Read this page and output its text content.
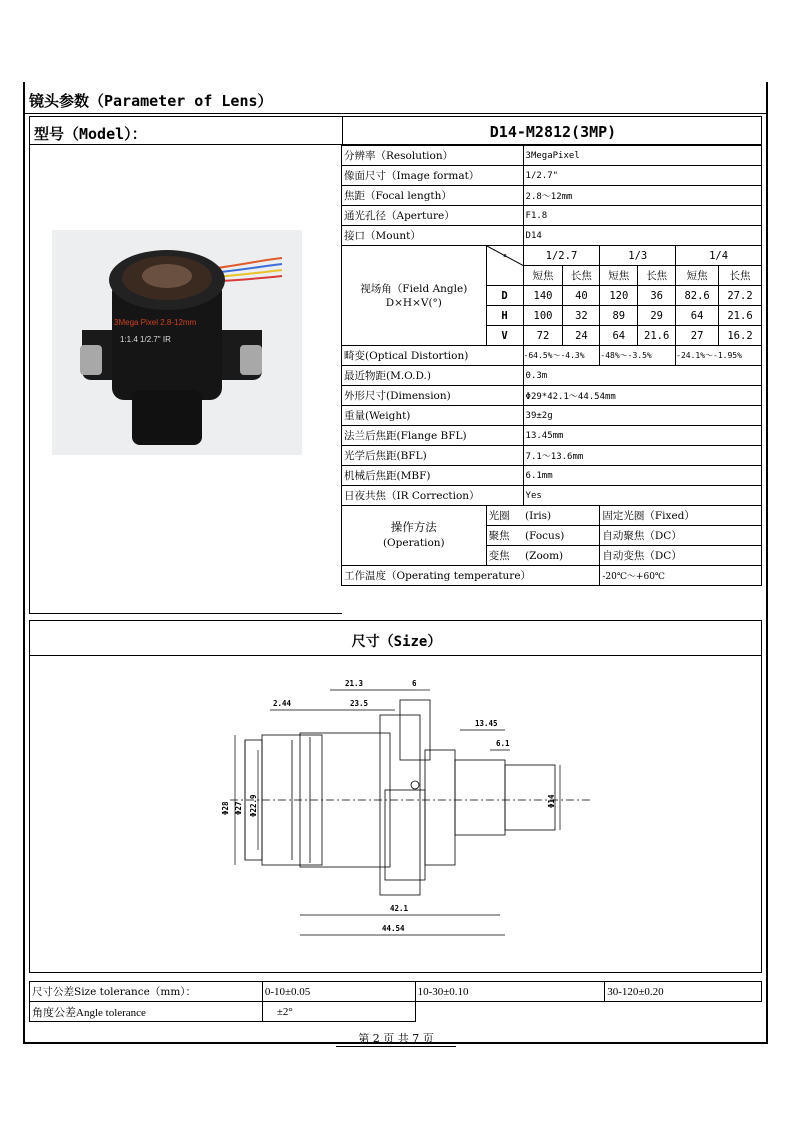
镜头参数（Parameter of Lens）
型号（Model）：	D14-M2812(3MP)
3Mega Pixel 2.8-12mm
1:1.4 1/2.7" IR
分辨率（Resolution）		3MegaPixel					
像面尺寸（Image format）		1/2.7"					
焦距（Focal length）		2.8～12mm					
通光孔径（Aperture）		F1.8					
接口（Mount）		D14					
视场角（Field Angle)
D×H×V(°)	°	1/2.7		1/3		1/4	
		短焦	长焦	短焦	长焦	短焦	长焦
	D	140	40	120	36	82.6	27.2
	H	100	32	89	29	64	21.6
	V	72	24	64	21.6	27	16.2
畸变(Optical Distortion)		-64.5%～-4.3%		-48%～-3.5%		-24.1%～-1.95%	
最近物距(M.O.D.)		0.3m					
外形尺寸(Dimension)		Φ29*42.1～44.54mm					
重量(Weight)		39±2g					
法兰后焦距(Flange BFL)		13.45mm					
光学后焦距(BFL)		7.1～13.6mm					
机械后焦距(MBF)		6.1mm					
日夜共焦（IR Correction）		Yes					
操作方法
(Operation)	光圈	(Iris)		固定光圈（Fixed）			
	聚焦	(Focus)		自动聚焦（DC）			
	变焦	(Zoom)		自动变焦（DC）			
工作温度（Operating temperature）				-20℃～+60℃			
尺寸（Size）
21.3	6
2.44	23.5
13.45
6.1
42.1
44.54
Φ28 Φ27 Φ22.9	Φ14
尺寸公差Size tolerance（mm）：	0-10±0.05	10-30±0.10	30-120±0.20
角度公差Angle tolerance	±2°		
第 2 页 共 7 页
